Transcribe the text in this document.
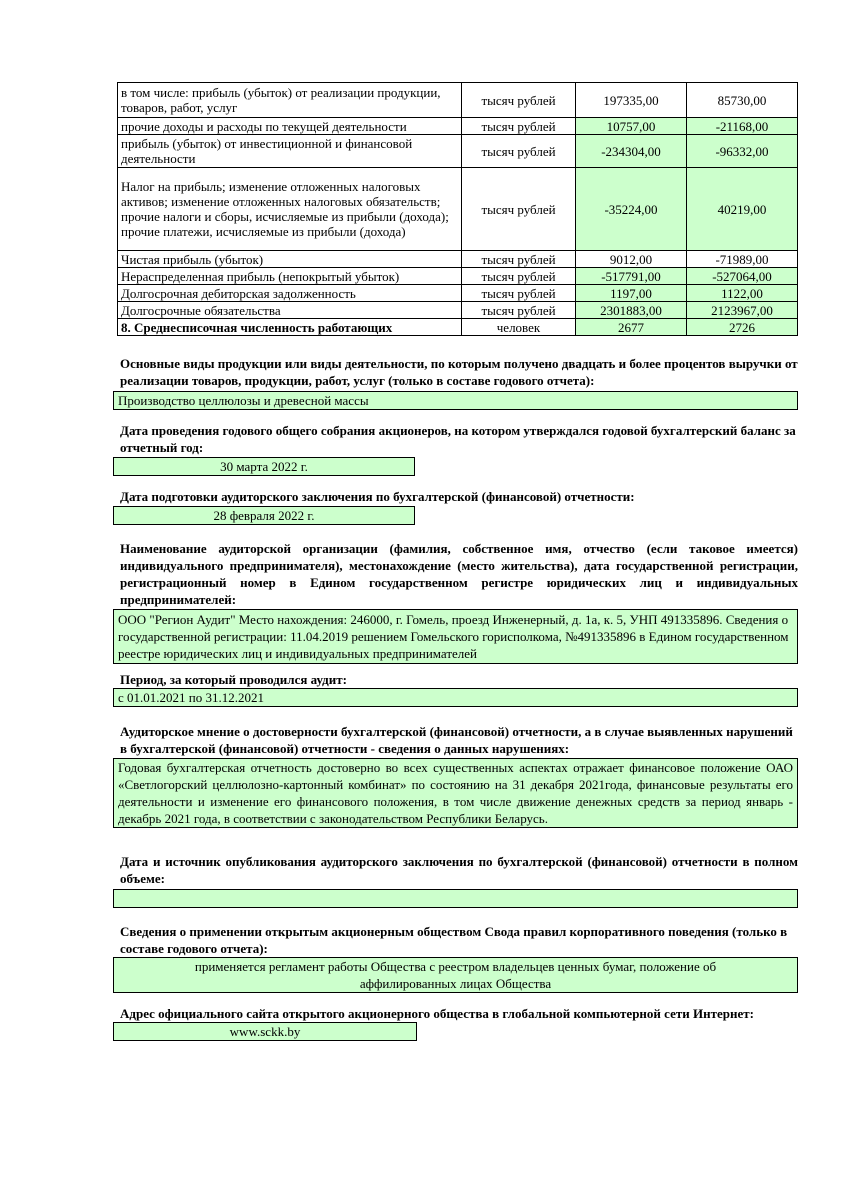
в том числе: прибыль (убыток) от реализации продукции, товаров, работ, услуг	тысяч рублей	197335,00	85730,00
прочие доходы и расходы по текущей деятельности	тысяч рублей	10757,00	-21168,00
прибыль (убыток) от инвестиционной и финансовой деятельности	тысяч рублей	-234304,00	-96332,00
Налог на прибыль; изменение отложенных налоговых активов; изменение отложенных налоговых обязательств; прочие налоги и сборы, исчисляемые из прибыли (дохода); прочие платежи, исчисляемые из прибыли (дохода)	тысяч рублей	-35224,00	40219,00
Чистая прибыль (убыток)	тысяч рублей	9012,00	-71989,00
Нераспределенная прибыль (непокрытый убыток)	тысяч рублей	-517791,00	-527064,00
Долгосрочная дебиторская задолженность	тысяч рублей	1197,00	1122,00
Долгосрочные обязательства	тысяч рублей	2301883,00	2123967,00
8. Среднесписочная численность работающих	человек	2677	2726
Основные виды продукции или виды деятельности, по которым получено двадцать и более процентов выручки от реализации товаров, продукции, работ, услуг (только в составе годового отчета):
Производство целлюлозы и древесной массы
Дата проведения годового общего собрания акционеров, на котором утверждался годовой бухгалтерский баланс за отчетный год:
30 марта 2022 г.
Дата подготовки аудиторского заключения по бухгалтерской (финансовой) отчетности:
28 февраля 2022 г.
Наименование аудиторской организации (фамилия, собственное имя, отчество (если таковое имеется) индивидуального предпринимателя), местонахождение (место жительства), дата государственной регистрации, регистрационный номер в Едином государственном регистре юридических лиц и индивидуальных предпринимателей:
ООО "Регион Аудит" Место нахождения: 246000, г. Гомель, проезд Инженерный, д. 1а, к. 5, УНП 491335896. Сведения о государственной регистрации: 11.04.2019 решением Гомельского горисполкома, №491335896 в Едином государственном реестре юридических лиц и индивидуальных предпринимателей
Период, за который проводился аудит:
с 01.01.2021 по 31.12.2021
Аудиторское мнение о достоверности бухгалтерской (финансовой) отчетности, а в случае выявленных нарушений в бухгалтерской (финансовой) отчетности - сведения о данных нарушениях:
Годовая бухгалтерская отчетность достоверно во всех существенных аспектах отражает финансовое положение ОАО «Светлогорский целлюлозно-картонный комбинат» по состоянию на 31 декабря 2021года, финансовые результаты его деятельности и изменение его финансового положения, в том числе движение денежных средств за период январь - декабрь 2021 года, в соответствии с законодательством Республики Беларусь.
Дата и источник опубликования аудиторского заключения по бухгалтерской (финансовой) отчетности в полном объеме:
Сведения о применении открытым акционерным обществом Свода правил корпоративного поведения (только в составе годового отчета):
применяется регламент работы Общества с реестром владельцев ценных бумаг, положение об аффилированных лицах Общества
Адрес официального сайта открытого акционерного общества в глобальной компьютерной сети Интернет:
www.sckk.by
